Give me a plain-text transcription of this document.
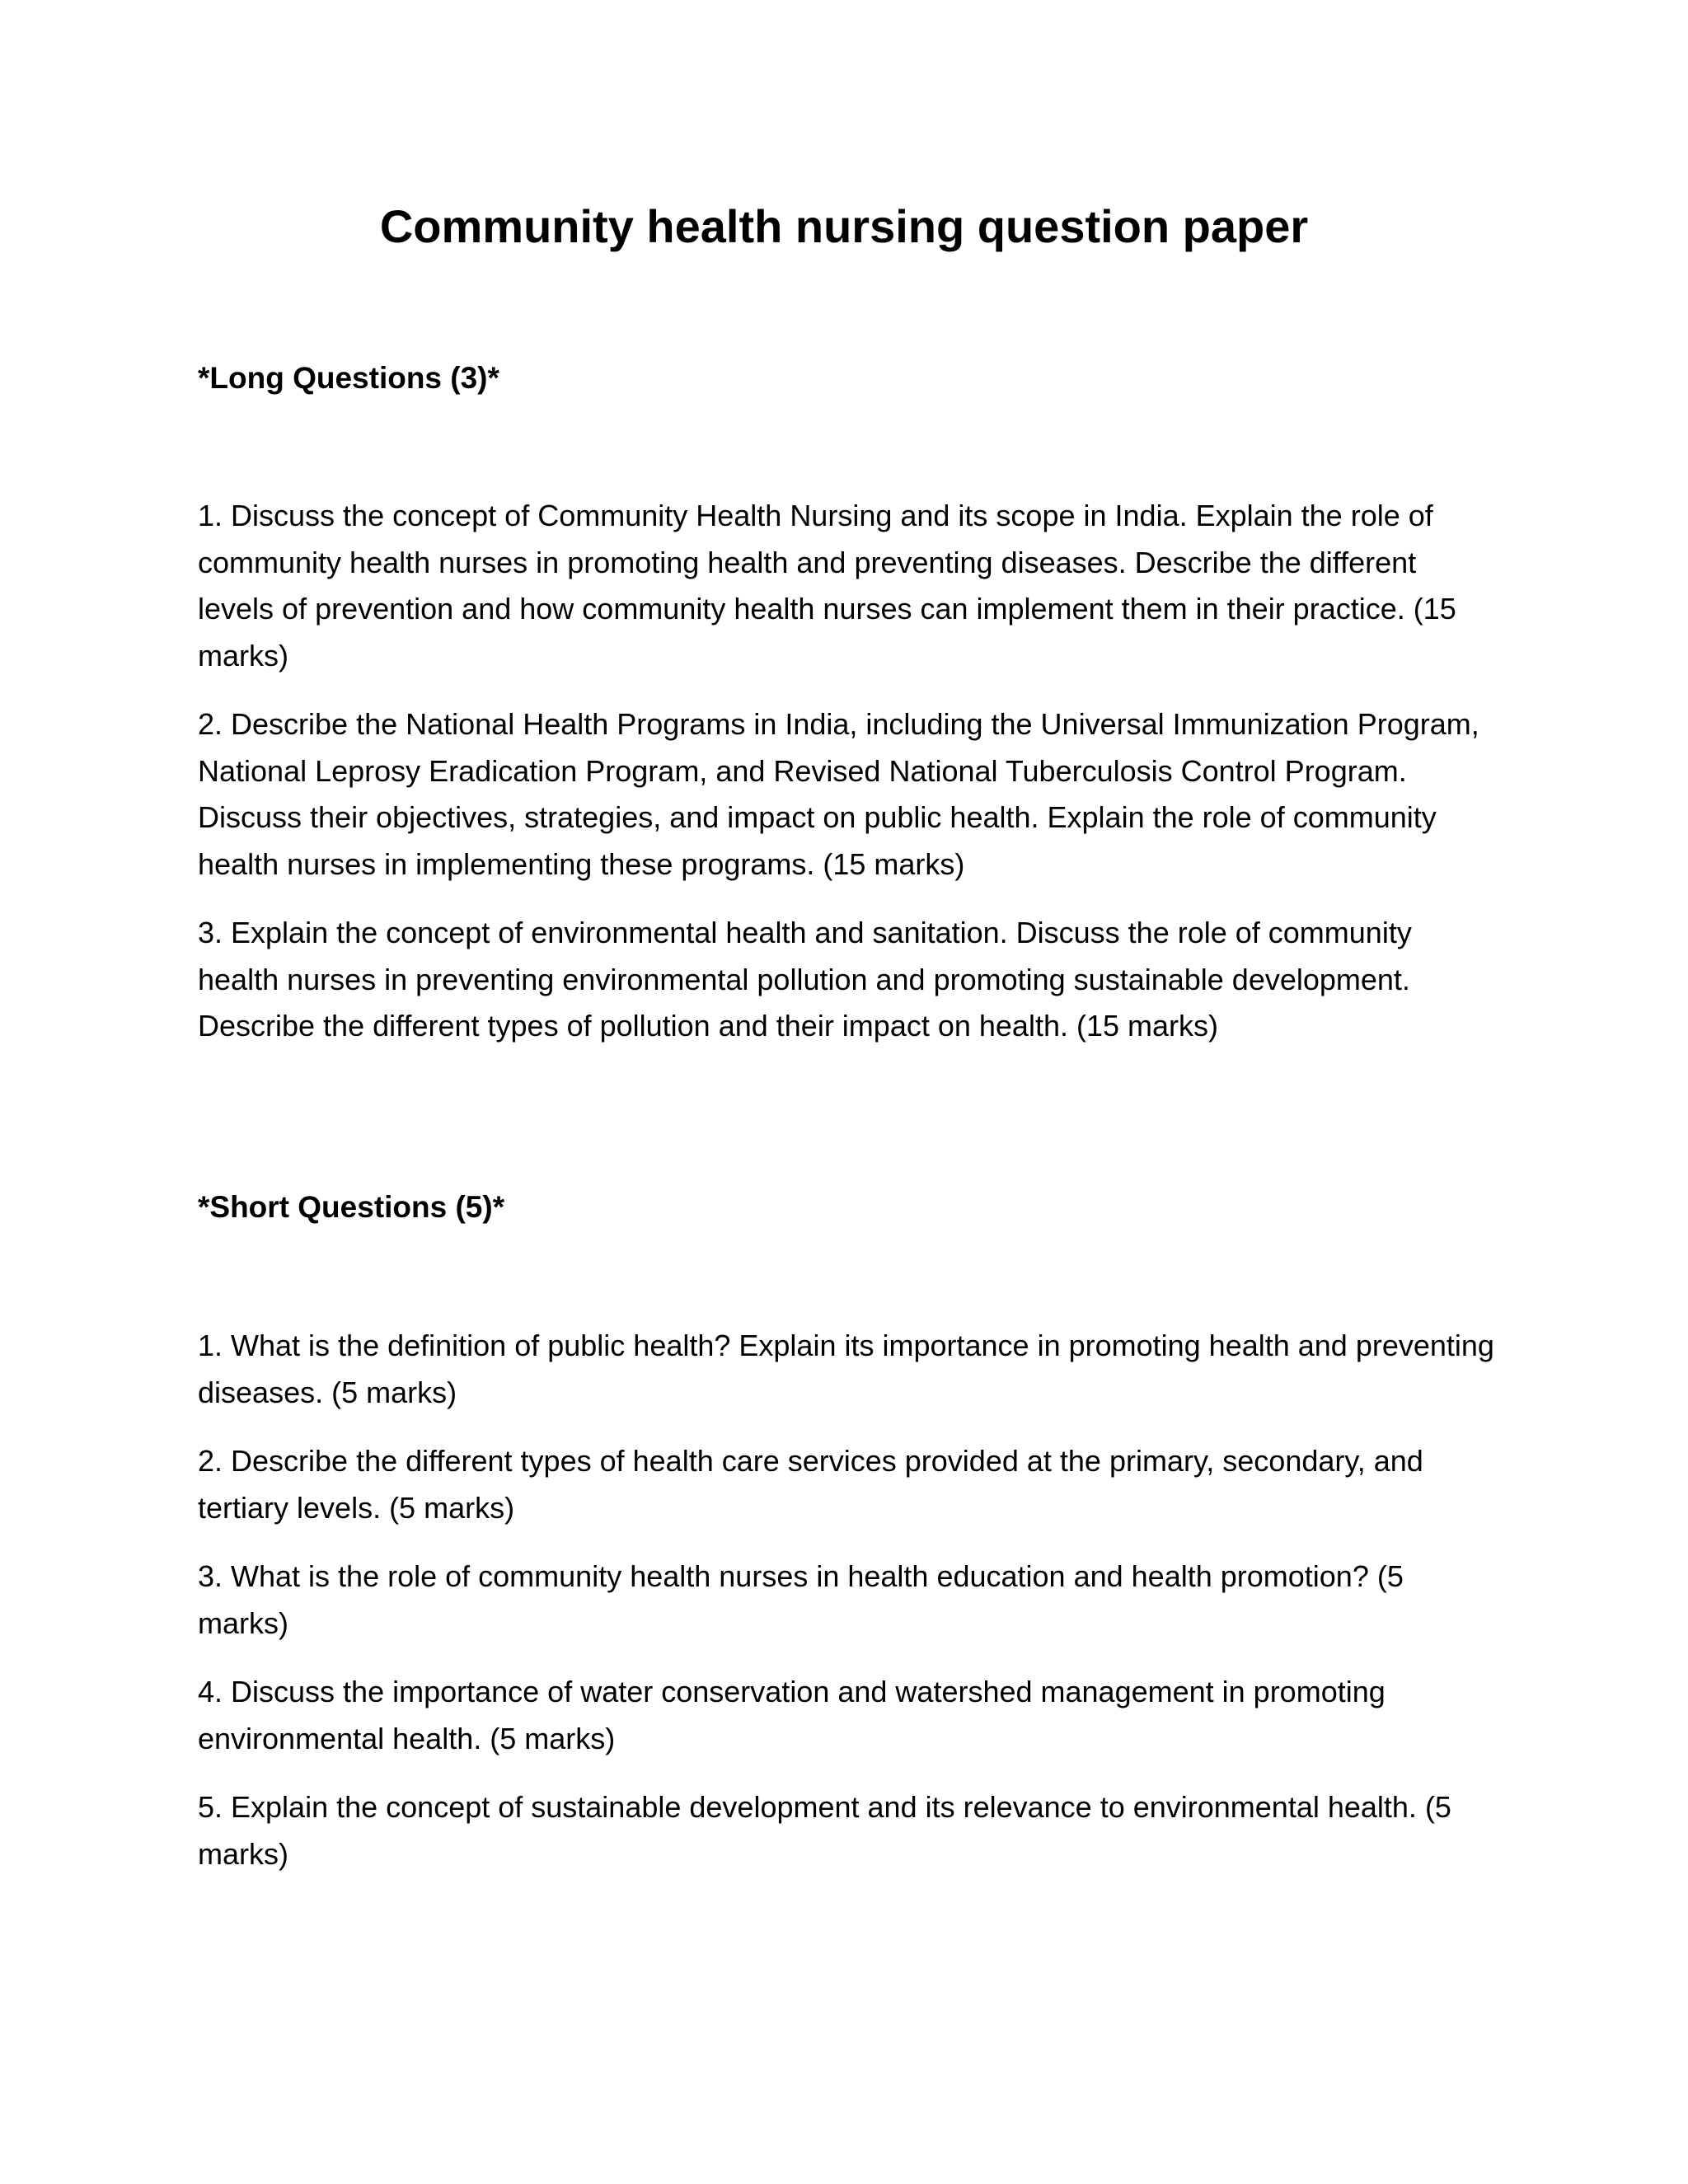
Community health nursing question paper
*Long Questions (3)*
1. Discuss the concept of Community Health Nursing and its scope in India. Explain the role of community health nurses in promoting health and preventing diseases. Describe the different levels of prevention and how community health nurses can implement them in their practice. (15 marks)
2. Describe the National Health Programs in India, including the Universal Immunization Program, National Leprosy Eradication Program, and Revised National Tuberculosis Control Program. Discuss their objectives, strategies, and impact on public health. Explain the role of community health nurses in implementing these programs. (15 marks)
3. Explain the concept of environmental health and sanitation. Discuss the role of community health nurses in preventing environmental pollution and promoting sustainable development. Describe the different types of pollution and their impact on health. (15 marks)
*Short Questions (5)*
1. What is the definition of public health? Explain its importance in promoting health and preventing diseases. (5 marks)
2. Describe the different types of health care services provided at the primary, secondary, and tertiary levels. (5 marks)
3. What is the role of community health nurses in health education and health promotion? (5 marks)
4. Discuss the importance of water conservation and watershed management in promoting environmental health. (5 marks)
5. Explain the concept of sustainable development and its relevance to environmental health. (5 marks)
